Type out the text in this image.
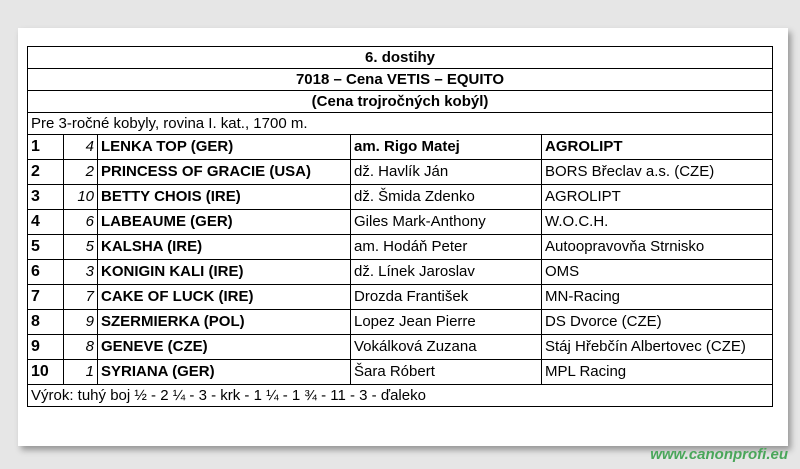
6. dostihy				
7018 – Cena VETIS – EQUITO				
(Cena trojročných kobýl)				
Pre 3-ročné kobyly, rovina I. kat., 1700 m.				
1	4	LENKA TOP (GER)	am. Rigo Matej	AGROLIPT
2	2	PRINCESS OF GRACIE (USA)	dž. Havlík Ján	BORS Břeclav a.s. (CZE)
3	10	BETTY CHOIS (IRE)	dž. Šmida Zdenko	AGROLIPT
4	6	LABEAUME (GER)	Giles Mark-Anthony	W.O.C.H.
5	5	KALSHA (IRE)	am. Hodáň Peter	Autoopravovňa Strnisko
6	3	KONIGIN KALI (IRE)	dž. Línek Jaroslav	OMS
7	7	CAKE OF LUCK (IRE)	Drozda František	MN-Racing
8	9	SZERMIERKA (POL)	Lopez Jean Pierre	DS Dvorce (CZE)
9	8	GENEVE (CZE)	Vokálková Zuzana	Stáj Hřebčín Albertovec (CZE)
10	1	SYRIANA (GER)	Šara Róbert	MPL Racing
Výrok: tuhý boj ½ - 2 ¼ - 3 - krk - 1 ¼ - 1 ¾ - 11 - 3 - ďaleko				
www.canonprofi.eu
